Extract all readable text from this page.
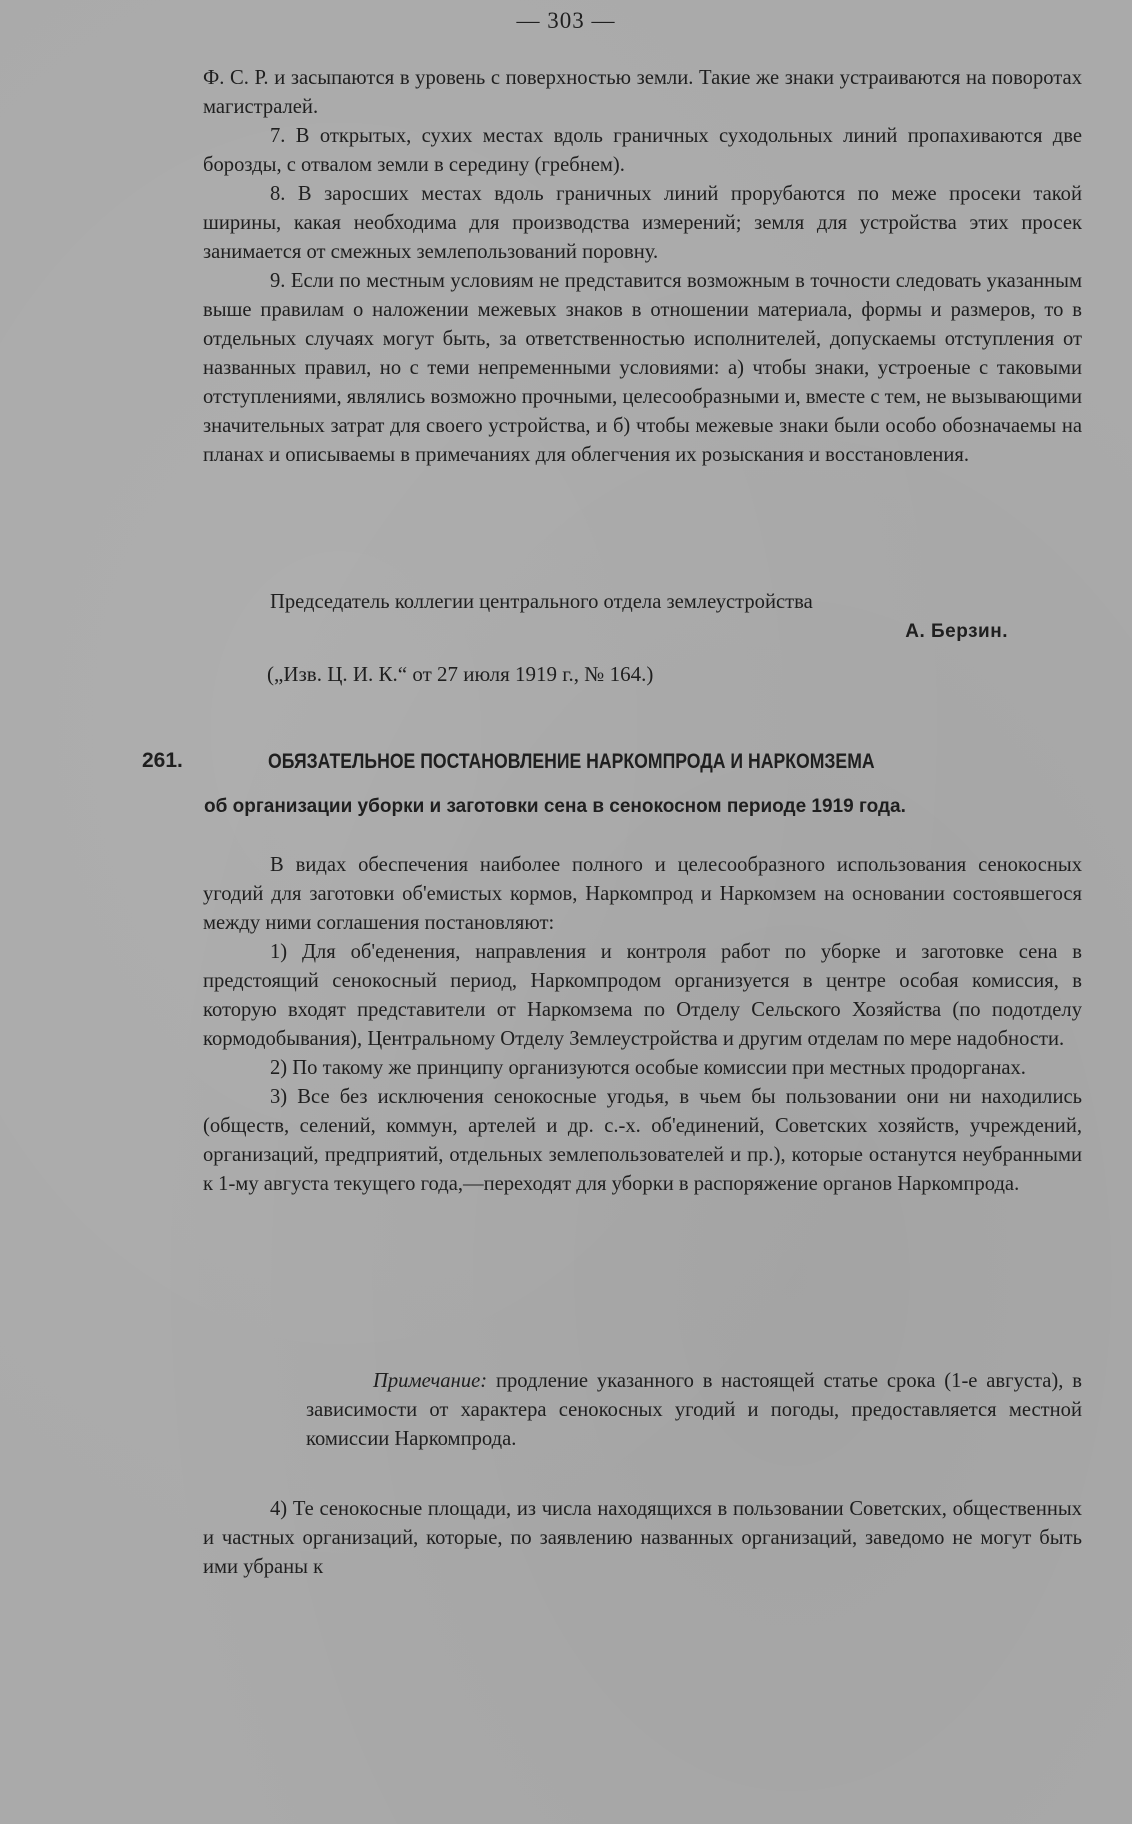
— 303 —

Ф. С. Р. и засыпаются в уровень с поверхностью земли. Такие же знаки устраиваются на поворотах магистралей.

7. В открытых, сухих местах вдоль граничных суходольных линий пропахиваются две борозды, с отвалом земли в середину (гребнем).

8. В заросших местах вдоль граничных линий прорубаются по меже просеки такой ширины, какая необходима для производства измерений; земля для устройства этих просек занимается от смежных землепользований поровну.

9. Если по местным условиям не представится возможным в точности следовать указанным выше правилам о наложении межевых знаков в отношении материала, формы и размеров, то в отдельных случаях могут быть, за ответственностью исполнителей, допускаемы отступления от названных правил, но с теми непременными условиями: а) чтобы знаки, устроеные с таковыми отступлениями, являлись возможно прочными, целесообразными и, вместе с тем, не вызывающими значительных затрат для своего устройства, и б) чтобы межевые знаки были особо обозначаемы на планах и описываемы в примечаниях для облегчения их розыскания и восстановления.

Председатель коллегии центрального отдела землеустройства
А. Берзин.
(„Изв. Ц. И. К.“ от 27 июля 1919 г., № 164.)
261.	ОБЯЗАТЕЛЬНОЕ ПОСТАНОВЛЕНИЕ НАРКОМПРОДА И НАРКОМЗЕМА
об организации уборки и заготовки сена в сенокосном периоде 1919 года.

В видах обеспечения наиболее полного и целесообразного использования сенокосных угодий для заготовки об'емистых кормов, Наркомпрод и Наркомзем на основании состоявшегося между ними соглашения постановляют:

1) Для об'еденения, направления и контроля работ по уборке и заготовке сена в предстоящий сенокосный период, Наркомпродом организуется в центре особая комиссия, в которую входят представители от Наркомзема по Отделу Сельского Хозяйства (по подотделу кормодобывания), Центральному Отделу Землеустройства и другим отделам по мере надобности.

2) По такому же принципу организуются особые комиссии при местных продорганах.

3) Все без исключения сенокосные угодья, в чьем бы пользовании они ни находились (обществ, селений, коммун, артелей и др. с.-х. об'единений, Советских хозяйств, учреждений, организаций, предприятий, отдельных землепользователей и пр.), которые останутся неубранными к 1-му августа текущего года,—переходят для уборки в распоряжение органов Наркомпрода.

Примечание: продление указанного в настоящей статье срока (1-е августа), в зависимости от характера сенокосных угодий и погоды, предоставляется местной комиссии Наркомпрода.

4) Те сенокосные площади, из числа находящихся в пользовании Советских, общественных и частных организаций, которые, по заявлению названных организаций, заведомо не могут быть ими убраны к
